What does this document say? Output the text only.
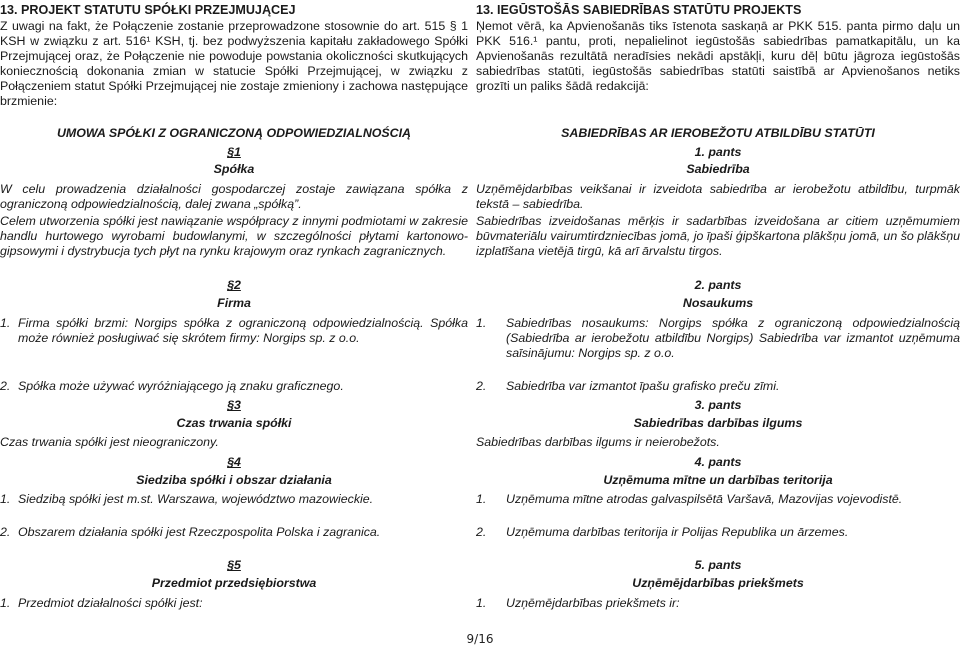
13. PROJEKT STATUTU SPÓŁKI PRZEJMUJĄCEJ

Z uwagi na fakt, że Połączenie zostanie przeprowadzone stosownie do art. 515 § 1 KSH w związku z art. 516¹ KSH, tj. bez podwyższenia kapitału zakładowego Spółki Przejmującej oraz, że Połączenie nie powoduje powstania okoliczności skutkujących koniecznością dokonania zmian w statucie Spółki Przejmującej, w związku z Połączeniem statut Spółki Przejmującej nie zostaje zmieniony i zachowa następujące brzmienie:

UMOWA SPÓŁKI Z OGRANICZONĄ ODPOWIEDZIALNOŚCIĄ
§1
Spółka
W celu prowadzenia działalności gospodarczej zostaje zawiązana spółka z ograniczoną odpowiedzialnością, dalej zwana „spółką”.
Celem utworzenia spółki jest nawiązanie współpracy z innymi podmiotami w zakresie handlu hurtowego wyrobami budowlanymi, w szczególności płytami kartonowo-gipsowymi i dystrybucja tych płyt na rynku krajowym oraz rynkach zagranicznych.
§2
Firma
1. Firma spółki brzmi: Norgips spółka z ograniczoną odpowiedzialnością. Spółka może również posługiwać się skrótem firmy: Norgips sp. z o.o.
2. Spółka może używać wyróżniającego ją znaku graficznego.
§3
Czas trwania spółki
Czas trwania spółki jest nieograniczony.
§4
Siedziba spółki i obszar działania
1. Siedzibą spółki jest m.st. Warszawa, województwo mazowieckie.
2. Obszarem działania spółki jest Rzeczpospolita Polska i zagranica.
§5
Przedmiot przedsiębiorstwa
1. Przedmiot działalności spółki jest:
13. IEGŪSTOŠĀS SABIEDRĪBAS STATŪTU PROJEKTS

Ņemot vērā, ka Apvienošanās tiks īstenota saskaņā ar PKK 515. panta pirmo daļu un PKK 516.¹ pantu, proti, nepalielinot iegūstošās sabiedrības pamatkapitālu, un ka Apvienošanās rezultātā neradīsies nekādi apstākļi, kuru dēļ būtu jāgroza iegūstošās sabiedrības statūti, iegūstošās sabiedrības statūti saistībā ar Apvienošanos netiks grozīti un paliks šādā redakcijā:

SABIEDRĪBAS AR IEROBEŽOTU ATBILDĪBU STATŪTI
1. pants
Sabiedrība
Uzņēmējdarbības veikšanai ir izveidota sabiedrība ar ierobežotu atbildību, turpmāk tekstā – sabiedrība.
Sabiedrības izveidošanas mērķis ir sadarbības izveidošana ar citiem uzņēmumiem būvmateriālu vairumtirdzniecības jomā, jo īpaši ģipškartona plākšņu jomā, un šo plākšņu izplatīšana vietējā tirgū, kā arī ārvalstu tirgos.
2. pants
Nosaukums
1.	Sabiedrības nosaukums: Norgips spółka z ograniczoną odpowiedzialnością (Sabiedrība ar ierobežotu atbildību Norgips) Sabiedrība var izmantot uzņēmuma saīsinājumu: Norgips sp. z o.o.
2.	Sabiedrība var izmantot īpašu grafisko preču zīmi.
3. pants
Sabiedrības darbības ilgums
Sabiedrības darbības ilgums ir neierobežots.
4. pants
Uzņēmuma mītne un darbības teritorija
1.	Uzņēmuma mītne atrodas galvaspilsētā Varšavā, Mazovijas vojevodistē.
2.	Uzņēmuma darbības teritorija ir Polijas Republika un ārzemes.
5. pants
Uzņēmējdarbības priekšmets
1.	Uzņēmējdarbības priekšmets ir:
9/16
